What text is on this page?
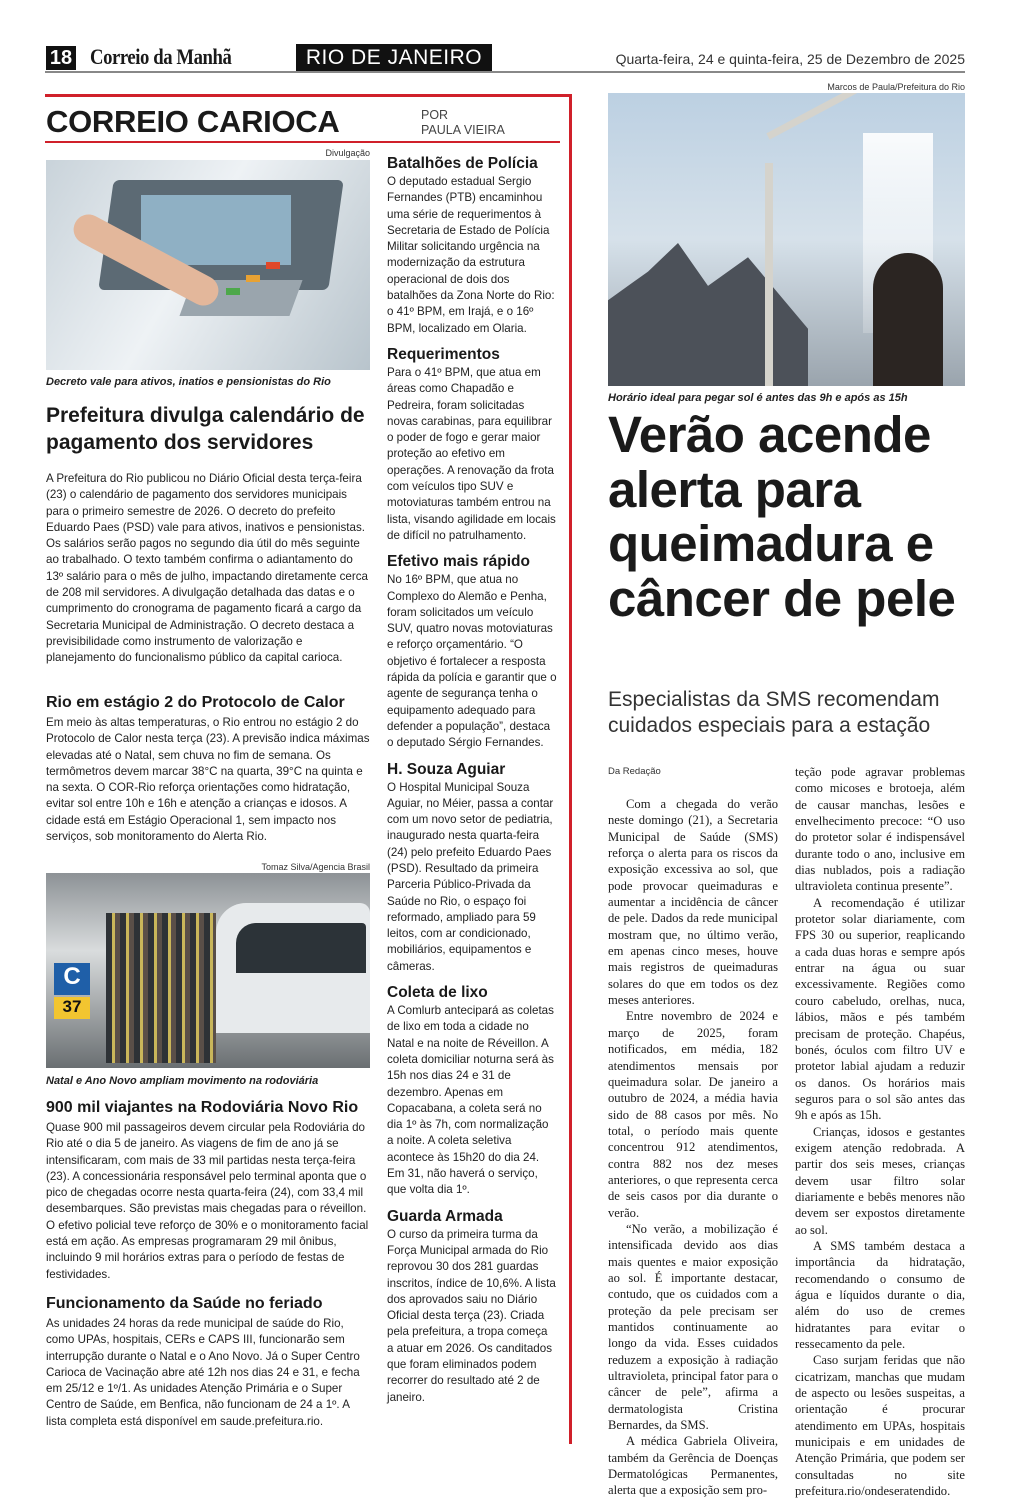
18 Correio da Manhã	RIO DE JANEIRO	Quarta-feira, 24 e quinta-feira, 25 de Dezembro de 2025
CORREIO CARIOCA	POR
PAULA VIEIRA
Divulgação
Decreto vale para ativos, inatios e pensionistas do Rio
Prefeitura divulga calendário de pagamento dos servidores
A Prefeitura do Rio publicou no Diário Oficial desta terça-feira (23) o calendário de pagamento dos servidores municipais para o primeiro semestre de 2026. O decreto do prefeito Eduardo Paes (PSD) vale para ativos, inativos e pensionistas. Os salários serão pagos no segundo dia útil do mês seguinte ao trabalhado. O texto também confirma o adiantamento do 13º salário para o mês de julho, impactando diretamente cerca de 208 mil servidores. A divulgação detalhada das datas e o cumprimento do cronograma de pagamento ficará a cargo da Secretaria Municipal de Administração. O decreto destaca a previsibilidade como instrumento de valorização e planejamento do funcionalismo público da capital carioca.
Rio em estágio 2 do Protocolo de Calor
Em meio às altas temperaturas, o Rio entrou no estágio 2 do Protocolo de Calor nesta terça (23). A previsão indica máximas elevadas até o Natal, sem chuva no fim de semana. Os termômetros devem marcar 38°C na quarta, 39°C na quinta e na sexta. O COR-Rio reforça orientações como hidratação, evitar sol entre 10h e 16h e atenção a crianças e idosos. A cidade está em Estágio Operacional 1, sem impacto nos serviços, sob monitoramento do Alerta Rio.
Tomaz Silva/Agencia Brasil
C
37
Natal e Ano Novo ampliam movimento na rodoviária
900 mil viajantes na Rodoviária Novo Rio
Quase 900 mil passageiros devem circular pela Rodoviária do Rio até o dia 5 de janeiro. As viagens de fim de ano já se intensificaram, com mais de 33 mil partidas nesta terça-feira (23). A concessionária responsável pelo terminal aponta que o pico de chegadas ocorre nesta quarta-feira (24), com 33,4 mil desembarques. São previstas mais chegadas para o réveillon. O efetivo policial teve reforço de 30% e o monitoramento facial está em ação. As empresas programaram 29 mil ônibus, incluindo 9 mil horários extras para o período de festas de festividades.
Funcionamento da Saúde no feriado
As unidades 24 horas da rede municipal de saúde do Rio, como UPAs, hospitais, CERs e CAPS III, funcionarão sem interrupção durante o Natal e o Ano Novo. Já o Super Centro Carioca de Vacinação abre até 12h nos dias 24 e 31, e fecha em 25/12 e 1º/1. As unidades Atenção Primária e o Super Centro de Saúde, em Benfica, não funcionam de 24 a 1º. A lista completa está disponível em saude.prefeitura.rio.
Batalhões de Polícia
O deputado estadual Sergio Fernandes (PTB) encaminhou uma série de requerimentos à Secretaria de Estado de Polícia Militar solicitando urgência na modernização da estrutura operacional de dois dos batalhões da Zona Norte do Rio: o 41º BPM, em Irajá, e o 16º BPM, localizado em Olaria.
Requerimentos
Para o 41º BPM, que atua em áreas como Chapadão e Pedreira, foram solicitadas novas carabinas, para equilibrar o poder de fogo e gerar maior proteção ao efetivo em operações. A renovação da frota com veículos tipo SUV e motoviaturas também entrou na lista, visando agilidade em locais de difícil no patrulhamento.
Efetivo mais rápido
No 16º BPM, que atua no Complexo do Alemão e Penha, foram solicitados um veículo SUV, quatro novas motoviaturas e reforço orçamentário. “O objetivo é fortalecer a resposta rápida da polícia e garantir que o agente de segurança tenha o equipamento adequado para defender a população”, destaca o deputado Sérgio Fernandes.
H. Souza Aguiar
O Hospital Municipal Souza Aguiar, no Méier, passa a contar com um novo setor de pediatria, inaugurado nesta quarta-feira (24) pelo prefeito Eduardo Paes (PSD). Resultado da primeira Parceria Público-Privada da Saúde no Rio, o espaço foi reformado, ampliado para 59 leitos, com ar condicionado, mobiliários, equipamentos e câmeras.
Coleta de lixo
A Comlurb antecipará as coletas de lixo em toda a cidade no Natal e na noite de Réveillon. A coleta domiciliar noturna será às 15h nos dias 24 e 31 de dezembro. Apenas em Copacabana, a coleta será no dia 1º às 7h, com normalização a noite. A coleta seletiva acontece às 15h20 do dia 24. Em 31, não haverá o serviço, que volta dia 1º.
Guarda Armada
O curso da primeira turma da Força Municipal armada do Rio reprovou 30 dos 281 guardas inscritos, índice de 10,6%. A lista dos aprovados saiu no Diário Oficial desta terça (23). Criada pela prefeitura, a tropa começa a atuar em 2026. Os canditados que foram eliminados podem recorrer do resultado até 2 de janeiro.
Marcos de Paula/Prefeitura do Rio
Horário ideal para pegar sol é antes das 9h e após as 15h
Verão acende alerta para queimadura e câncer de pele
Especialistas da SMS recomendam cuidados especiais para a estação
Da Redação

Com a chegada do verão neste domingo (21), a Secretaria Municipal de Saúde (SMS) reforça o alerta para os riscos da exposição excessiva ao sol, que pode provocar queimaduras e aumentar a incidência de câncer de pele. Dados da rede municipal mostram que, no último verão, em apenas cinco meses, houve mais registros de queimaduras solares do que em todos os dez meses anteriores.

Entre novembro de 2024 e março de 2025, foram notificados, em média, 182 atendimentos mensais por queimadura solar. De janeiro a outubro de 2024, a média havia sido de 88 casos por mês. No total, o período mais quente concentrou 912 atendimentos, contra 882 nos dez meses anteriores, o que representa cerca de seis casos por dia durante o verão.

“No verão, a mobilização é intensificada devido aos dias mais quentes e maior exposição ao sol. É importante destacar, contudo, que os cuidados com a proteção da pele precisam ser mantidos continuamente ao longo da vida. Esses cuidados reduzem a exposição à radiação ultravioleta, principal fator para o câncer de pele”, afirma a dermatologista Cristina Bernardes, da SMS.

A médica Gabriela Oliveira, também da Gerência de Doenças Dermatológicas Permanentes, alerta que a exposição sem pro-

teção pode agravar problemas como micoses e brotoeja, além de causar manchas, lesões e envelhecimento precoce: “O uso do protetor solar é indispensável durante todo o ano, inclusive em dias nublados, pois a radiação ultravioleta continua presente”.

A recomendação é utilizar protetor solar diariamente, com FPS 30 ou superior, reaplicando a cada duas horas e sempre após entrar na água ou suar excessivamente. Regiões como couro cabeludo, orelhas, nuca, lábios, mãos e pés também precisam de proteção. Chapéus, bonés, óculos com filtro UV e protetor labial ajudam a reduzir os danos. Os horários mais seguros para o sol são antes das 9h e após as 15h.

Crianças, idosos e gestantes exigem atenção redobrada. A partir dos seis meses, crianças devem usar filtro solar diariamente e bebês menores não devem ser expostos diretamente ao sol.

A SMS também destaca a importância da hidratação, recomendando o consumo de água e líquidos durante o dia, além do uso de cremes hidratantes para evitar o ressecamento da pele.

Caso surjam feridas que não cicatrizam, manchas que mudam de aspecto ou lesões suspeitas, a orientação é procurar atendimento em UPAs, hospitais municipais e em unidades de Atenção Primária, que podem ser consultadas no site prefeitura.rio/ondeseratendido.
